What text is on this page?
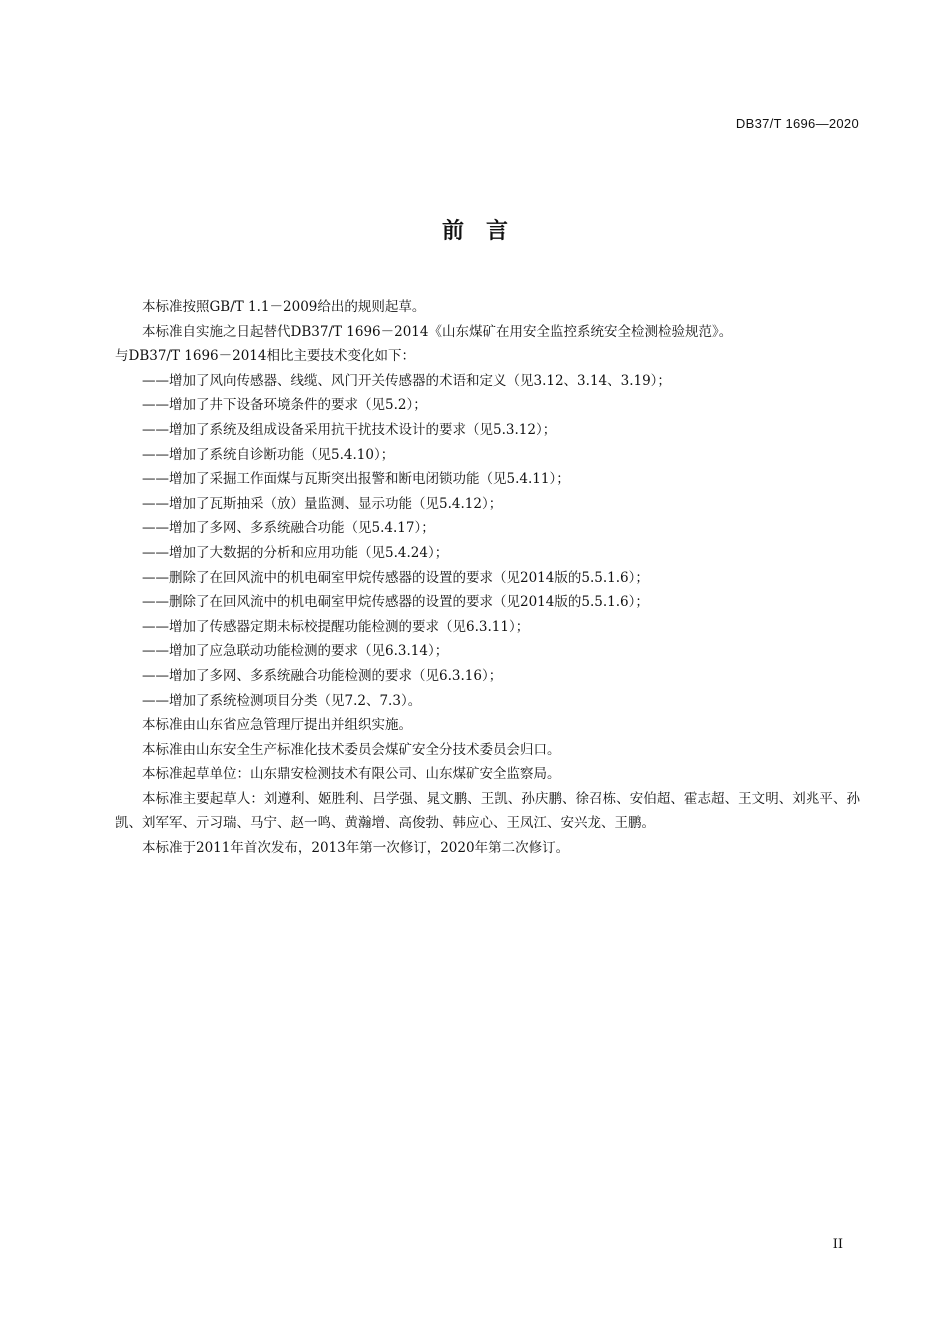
DB37/T 1696—2020
前言

本标准按照GB/T 1.1－2009给出的规则起草。

本标准自实施之日起替代DB37/T 1696－2014《山东煤矿在用安全监控系统安全检测检验规范》。

与DB37/T 1696－2014相比主要技术变化如下：

——增加了风向传感器、线缆、风门开关传感器的术语和定义（见3.12、3.14、3.19）；
——增加了井下设备环境条件的要求（见5.2）；
——增加了系统及组成设备采用抗干扰技术设计的要求（见5.3.12）；
——增加了系统自诊断功能（见5.4.10）；
——增加了采掘工作面煤与瓦斯突出报警和断电闭锁功能（见5.4.11）；
——增加了瓦斯抽采（放）量监测、显示功能（见5.4.12）；
——增加了多网、多系统融合功能（见5.4.17）；
——增加了大数据的分析和应用功能（见5.4.24）；
——删除了在回风流中的机电硐室甲烷传感器的设置的要求（见2014版的5.5.1.6）；
——删除了在回风流中的机电硐室甲烷传感器的设置的要求（见2014版的5.5.1.6）；
——增加了传感器定期未标校提醒功能检测的要求（见6.3.11）；
——增加了应急联动功能检测的要求（见6.3.14）；
——增加了多网、多系统融合功能检测的要求（见6.3.16）；
——增加了系统检测项目分类（见7.2、7.3）。

本标准由山东省应急管理厅提出并组织实施。

本标准由山东安全生产标准化技术委员会煤矿安全分技术委员会归口。

本标准起草单位：山东鼎安检测技术有限公司、山东煤矿安全监察局。

本标准主要起草人：刘遵利、姬胜利、吕学强、晁文鹏、王凯、孙庆鹏、徐召栋、安伯超、霍志超、王文明、刘兆平、孙凯、刘军军、亓习瑞、马宁、赵一鸣、黄瀚增、高俊勃、韩应心、王凤江、安兴龙、王鹏。

本标准于2011年首次发布，2013年第一次修订，2020年第二次修订。

II
